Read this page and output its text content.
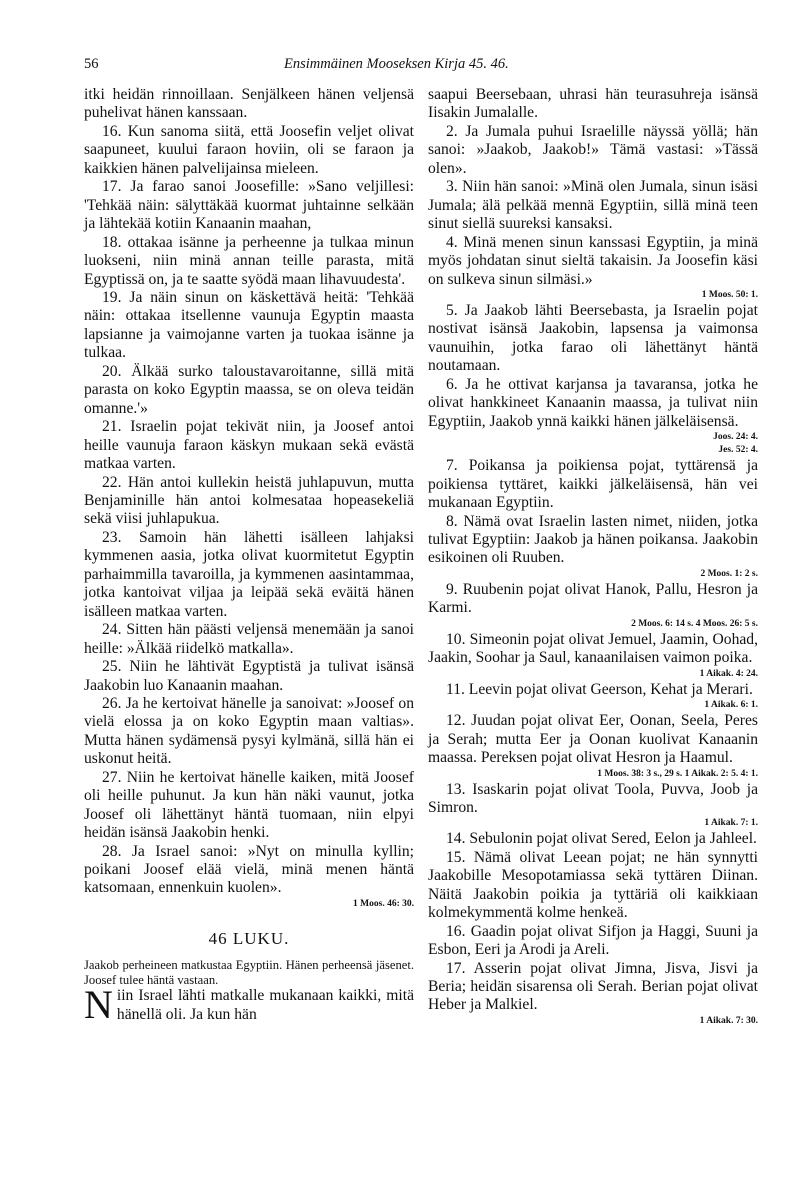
56	Ensimmäinen Mooseksen Kirja 45. 46.

itki heidän rinnoillaan. Senjälkeen hänen veljensä puhelivat hänen kanssaan.

16. Kun sanoma siitä, että Joosefin veljet olivat saapuneet, kuului faraon hoviin, oli se faraon ja kaikkien hänen palvelijainsa mieleen.

17. Ja farao sanoi Joosefille: »Sano veljillesi: 'Tehkää näin: sälyttäkää kuormat juhtainne selkään ja lähtekää kotiin Kanaanin maahan,

18. ottakaa isänne ja perheenne ja tulkaa minun luokseni, niin minä annan teille parasta, mitä Egyptissä on, ja te saatte syödä maan lihavuudesta'.

19. Ja näin sinun on käskettävä heitä: 'Tehkää näin: ottakaa itsellenne vaunuja Egyptin maasta lapsianne ja vaimojanne varten ja tuokaa isänne ja tulkaa.

20. Älkää surko taloustavaroitanne, sillä mitä parasta on koko Egyptin maassa, se on oleva teidän omanne.'»

21. Israelin pojat tekivät niin, ja Joosef antoi heille vaunuja faraon käskyn mukaan sekä evästä matkaa varten.

22. Hän antoi kullekin heistä juhlapuvun, mutta Benjaminille hän antoi kolmesataa hopeasekeliä sekä viisi juhlapukua.

23. Samoin hän lähetti isälleen lahjaksi kymmenen aasia, jotka olivat kuormitetut Egyptin parhaimmilla tavaroilla, ja kymmenen aasintammaa, jotka kantoivat viljaa ja leipää sekä eväitä hänen isälleen matkaa varten.

24. Sitten hän päästi veljensä menemään ja sanoi heille: »Älkää riidelkö matkalla».

25. Niin he lähtivät Egyptistä ja tulivat isänsä Jaakobin luo Kanaanin maahan.

26. Ja he kertoivat hänelle ja sanoivat: »Joosef on vielä elossa ja on koko Egyptin maan valtias». Mutta hänen sydämensä pysyi kylmänä, sillä hän ei uskonut heitä.

27. Niin he kertoivat hänelle kaiken, mitä Joosef oli heille puhunut. Ja kun hän näki vaunut, jotka Joosef oli lähettänyt häntä tuomaan, niin elpyi heidän isänsä Jaakobin henki.

28. Ja Israel sanoi: »Nyt on minulla kyllin; poikani Joosef elää vielä, minä menen häntä katsomaan, ennenkuin kuolen».

1 Moos. 46: 30.

46 LUKU.

Jaakob perheineen matkustaa Egyptiin. Hänen perheensä jäsenet. Joosef tulee häntä vastaan.

Niin Israel lähti matkalle mukanaan kaikki, mitä hänellä oli. Ja kun hän

saapui Beersebaan, uhrasi hän teurasuhreja isänsä Iisakin Jumalalle.

2. Ja Jumala puhui Israelille näyssä yöllä; hän sanoi: »Jaakob, Jaakob!» Tämä vastasi: »Tässä olen».

3. Niin hän sanoi: »Minä olen Jumala, sinun isäsi Jumala; älä pelkää mennä Egyptiin, sillä minä teen sinut siellä suureksi kansaksi.

4. Minä menen sinun kanssasi Egyptiin, ja minä myös johdatan sinut sieltä takaisin. Ja Joosefin käsi on sulkeva sinun silmäsi.»

1 Moos. 50: 1.

5. Ja Jaakob lähti Beersebasta, ja Israelin pojat nostivat isänsä Jaakobin, lapsensa ja vaimonsa vaunuihin, jotka farao oli lähettänyt häntä noutamaan.

6. Ja he ottivat karjansa ja tavaransa, jotka he olivat hankkineet Kanaanin maassa, ja tulivat niin Egyptiin, Jaakob ynnä kaikki hänen jälkeläisensä.

Joos. 24: 4.

Jes. 52: 4.

7. Poikansa ja poikiensa pojat, tyttärensä ja poikiensa tyttäret, kaikki jälkeläisensä, hän vei mukanaan Egyptiin.

8. Nämä ovat Israelin lasten nimet, niiden, jotka tulivat Egyptiin: Jaakob ja hänen poikansa. Jaakobin esikoinen oli Ruuben.

2 Moos. 1: 2 s.

9. Ruubenin pojat olivat Hanok, Pallu, Hesron ja Karmi.

2 Moos. 6: 14 s. 4 Moos. 26: 5 s.

10. Simeonin pojat olivat Jemuel, Jaamin, Oohad, Jaakin, Soohar ja Saul, kanaanilaisen vaimon poika.

1 Aikak. 4: 24.

11. Leevin pojat olivat Geerson, Kehat ja Merari.

1 Aikak. 6: 1.

12. Juudan pojat olivat Eer, Oonan, Seela, Peres ja Serah; mutta Eer ja Oonan kuolivat Kanaanin maassa. Pereksen pojat olivat Hesron ja Haamul.

1 Moos. 38: 3 s., 29 s. 1 Aikak. 2: 5. 4: 1.

13. Isaskarin pojat olivat Toola, Puvva, Joob ja Simron.

1 Aikak. 7: 1.

14. Sebulonin pojat olivat Sered, Eelon ja Jahleel.

15. Nämä olivat Leean pojat; ne hän synnytti Jaakobille Mesopotamiassa sekä tyttären Diinan. Näitä Jaakobin poikia ja tyttäriä oli kaikkiaan kolmekymmentä kolme henkeä.

16. Gaadin pojat olivat Sifjon ja Haggi, Suuni ja Esbon, Eeri ja Arodi ja Areli.

17. Asserin pojat olivat Jimna, Jisva, Jisvi ja Beria; heidän sisarensa oli Serah. Berian pojat olivat Heber ja Malkiel.

1 Aikak. 7: 30.
